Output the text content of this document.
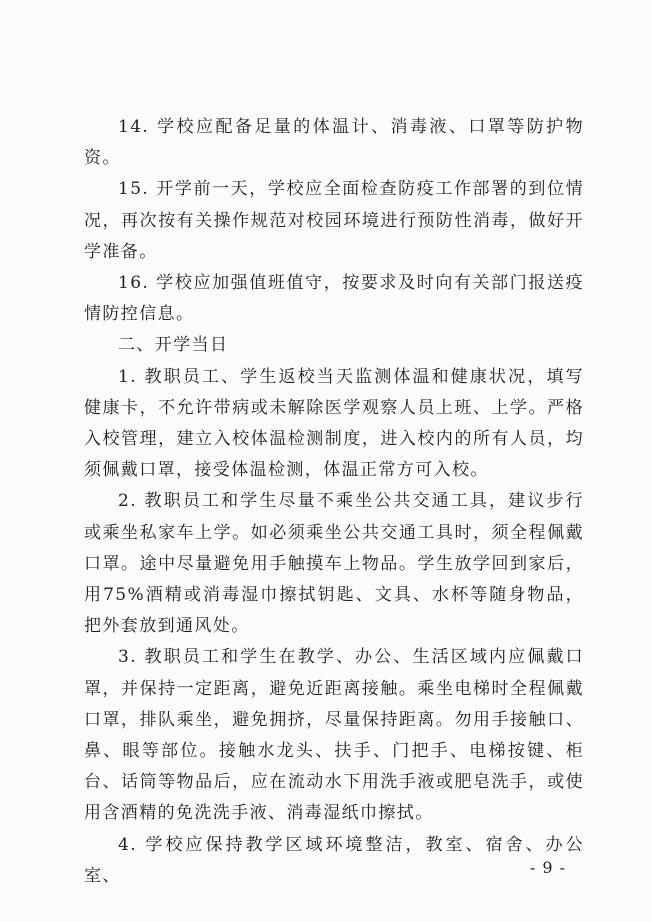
14. 学校应配备足量的体温计、消毒液、口罩等防护物资。

15. 开学前一天，学校应全面检查防疫工作部署的到位情况，再次按有关操作规范对校园环境进行预防性消毒，做好开学准备。

16. 学校应加强值班值守，按要求及时向有关部门报送疫情防控信息。

二、开学当日

1. 教职员工、学生返校当天监测体温和健康状况，填写健康卡，不允许带病或未解除医学观察人员上班、上学。严格入校管理，建立入校体温检测制度，进入校内的所有人员，均须佩戴口罩，接受体温检测，体温正常方可入校。

2. 教职员工和学生尽量不乘坐公共交通工具，建议步行或乘坐私家车上学。如必须乘坐公共交通工具时，须全程佩戴口罩。途中尽量避免用手触摸车上物品。学生放学回到家后，用75%酒精或消毒湿巾擦拭钥匙、文具、水杯等随身物品，把外套放到通风处。

3. 教职员工和学生在教学、办公、生活区域内应佩戴口罩，并保持一定距离，避免近距离接触。乘坐电梯时全程佩戴口罩，排队乘坐，避免拥挤，尽量保持距离。勿用手接触口、鼻、眼等部位。接触水龙头、扶手、门把手、电梯按键、柜台、话筒等物品后，应在流动水下用洗手液或肥皂洗手，或使用含酒精的免洗洗手液、消毒湿纸巾擦拭。

4. 学校应保持教学区域环境整洁，教室、宿舍、办公室、	- 9 -
